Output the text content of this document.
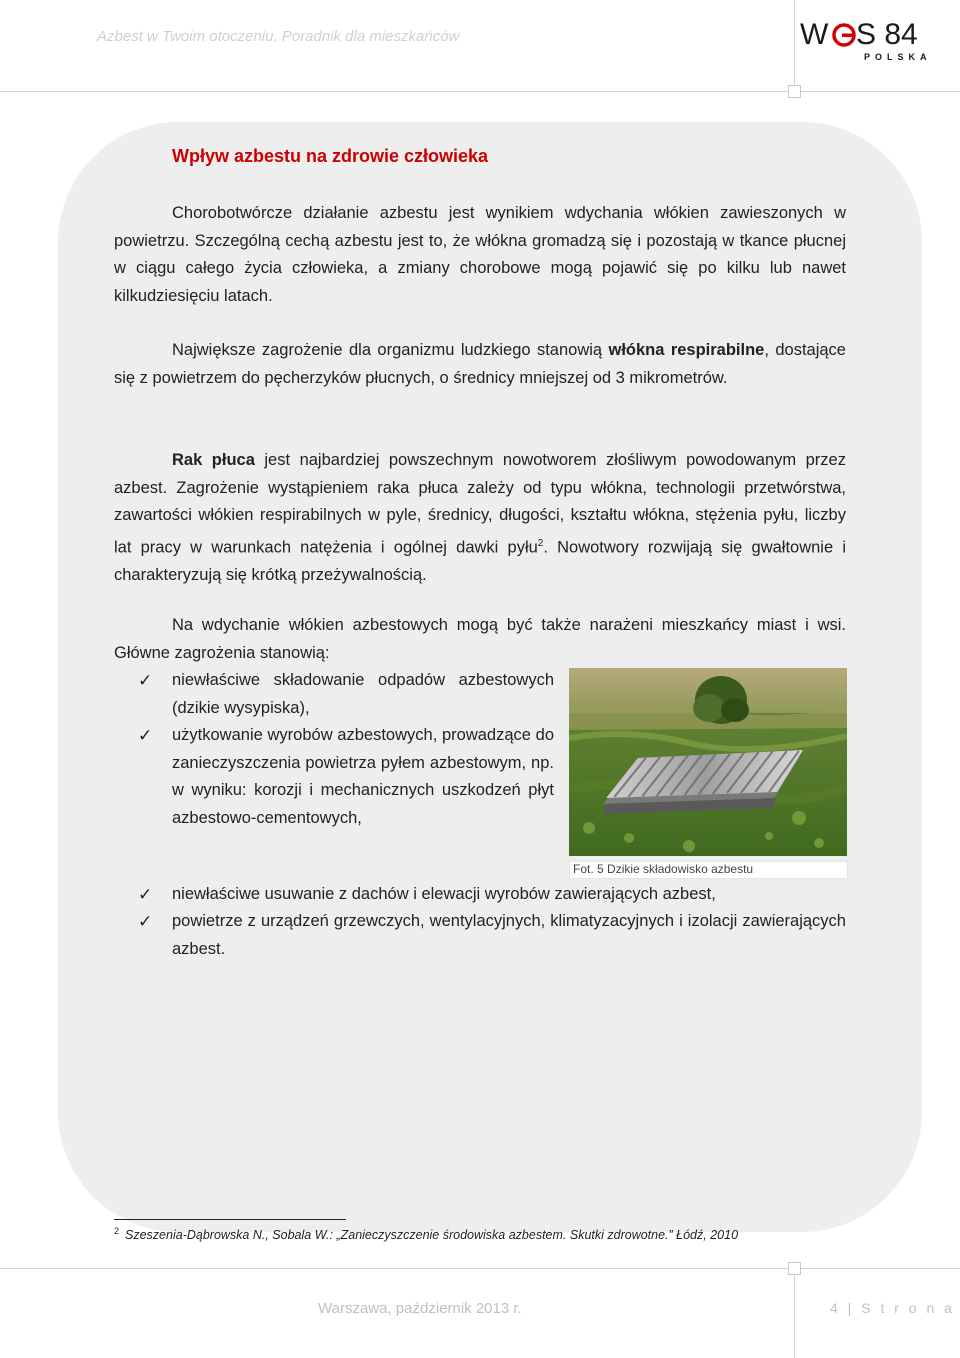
Azbest w Twoim otoczeniu. Poradnik dla mieszkańców	W S 84
POLSKA
Wpływ azbestu na zdrowie człowieka
Chorobotwórcze działanie azbestu jest wynikiem wdychania włókien zawieszonych w powietrzu. Szczególną cechą azbestu jest to, że włókna gromadzą się i pozostają w tkance płucnej w ciągu całego życia człowieka, a zmiany chorobowe mogą pojawić się po kilku lub nawet kilkudziesięciu latach.
Największe zagrożenie dla organizmu ludzkiego stanowią włókna respirabilne, dostające się z powietrzem do pęcherzyków płucnych, o średnicy mniejszej od 3 mikrometrów.
Rak płuca jest najbardziej powszechnym nowotworem złośliwym powodowanym przez azbest. Zagrożenie wystąpieniem raka płuca zależy od typu włókna, technologii przetwórstwa, zawartości włókien respirabilnych w pyle, średnicy, długości, kształtu włókna, stężenia pyłu, liczby lat pracy w warunkach natężenia i ogólnej dawki pyłu$^2$. Nowotwory rozwijają się gwałtownie i charakteryzują się krótką przeżywalnością.
Na wdychanie włókien azbestowych mogą być także narażeni mieszkańcy miast i wsi. Główne zagrożenia stanowią:
✓ niewłaściwe składowanie odpadów azbestowych (dzikie wysypiska),
✓ użytkowanie wyrobów azbestowych, prowadzące do zanieczyszczenia powietrza pyłem azbestowym, np. w wyniku: korozji i mechanicznych uszkodzeń płyt azbestowo-cementowych,
✓ niewłaściwe usuwanie z dachów i elewacji wyrobów zawierających azbest,
✓ powietrze z urządzeń grzewczych, wentylacyjnych, klimatyzacyjnych i izolacji zawierających azbest.
Fot. 5 Dzikie składowisko azbestu
$^2$ Szeszenia-Dąbrowska N., Sobala W.: „Zanieczyszczenie środowiska azbestem. Skutki zdrowotne.” Łódź, 2010
Warszawa, październik 2013 r.	4 | S t r o n a
